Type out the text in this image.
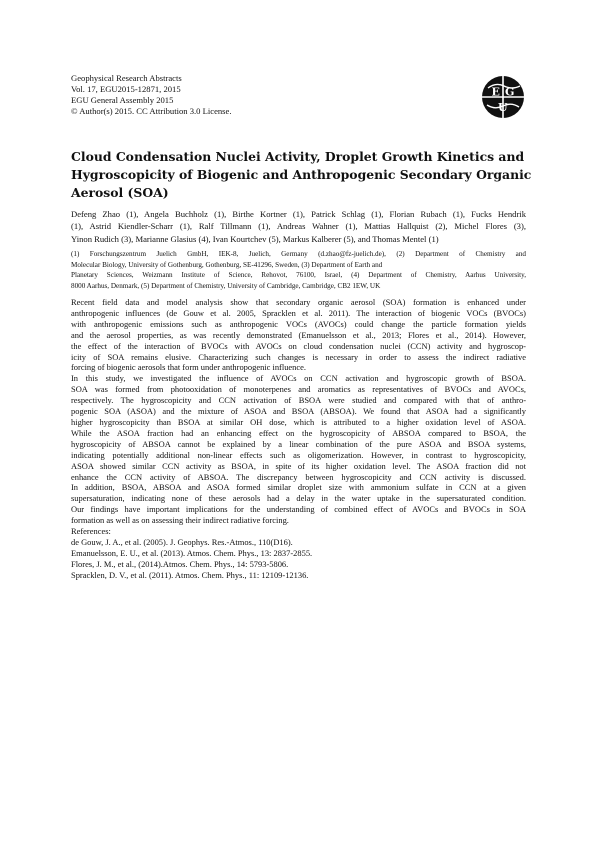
Geophysical Research Abstracts
Vol. 17, EGU2015-12871, 2015
EGU General Assembly 2015
© Author(s) 2015. CC Attribution 3.0 License.
E G
U
Cloud Condensation Nuclei Activity, Droplet Growth Kinetics and
Hygroscopicity of Biogenic and Anthropogenic Secondary Organic
Aerosol (SOA)
Defeng Zhao (1), Angela Buchholz (1), Birthe Kortner (1), Patrick Schlag (1), Florian Rubach (1), Fucks Hendrik
(1), Astrid Kiendler-Scharr (1), Ralf Tillmann (1), Andreas Wahner (1), Mattias Hallquist (2), Michel Flores (3),
Yinon Rudich (3), Marianne Glasius (4), Ivan Kourtchev (5), Markus Kalberer (5), and Thomas Mentel (1)
(1) Forschungszentrum Juelich GmbH, IEK-8, Juelich, Germany (d.zhao@fz-juelich.de), (2) Department of Chemistry and
Molecular Biology, University of Gothenburg, Gothenburg, SE-41296, Sweden, (3) Department of Earth and
Planetary Sciences, Weizmann Institute of Science, Rehovot, 76100, Israel, (4) Department of Chemistry, Aarhus University,
8000 Aarhus, Denmark, (5) Department of Chemistry, University of Cambridge, Cambridge, CB2 1EW, UK
Recent field data and model analysis show that secondary organic aerosol (SOA) formation is enhanced under
anthropogenic influences (de Gouw et al. 2005, Spracklen et al. 2011). The interaction of biogenic VOCs (BVOCs)
with anthropogenic emissions such as anthropogenic VOCs (AVOCs) could change the particle formation yields
and the aerosol properties, as was recently demonstrated (Emanuelsson et al., 2013; Flores et al., 2014). However,
the effect of the interaction of BVOCs with AVOCs on cloud condensation nuclei (CCN) activity and hygroscop-
icity of SOA remains elusive. Characterizing such changes is necessary in order to assess the indirect radiative
forcing of biogenic aerosols that form under anthropogenic influence.
In this study, we investigated the influence of AVOCs on CCN activation and hygroscopic growth of BSOA.
SOA was formed from photooxidation of monoterpenes and aromatics as representatives of BVOCs and AVOCs,
respectively. The hygroscopicity and CCN activation of BSOA were studied and compared with that of anthro-
pogenic SOA (ASOA) and the mixture of ASOA and BSOA (ABSOA). We found that ASOA had a significantly
higher hygroscopicity than BSOA at similar OH dose, which is attributed to a higher oxidation level of ASOA.
While the ASOA fraction had an enhancing effect on the hygroscopicity of ABSOA compared to BSOA, the
hygroscopicity of ABSOA cannot be explained by a linear combination of the pure ASOA and BSOA systems,
indicating potentially additional non-linear effects such as oligomerization. However, in contrast to hygroscopicity,
ASOA showed similar CCN activity as BSOA, in spite of its higher oxidation level. The ASOA fraction did not
enhance the CCN activity of ABSOA. The discrepancy between hygroscopicity and CCN activity is discussed.
In addition, BSOA, ABSOA and ASOA formed similar droplet size with ammonium sulfate in CCN at a given
supersaturation, indicating none of these aerosols had a delay in the water uptake in the supersaturated condition.
Our findings have important implications for the understanding of combined effect of AVOCs and BVOCs in SOA
formation as well as on assessing their indirect radiative forcing.
References:
de Gouw, J. A., et al. (2005). J. Geophys. Res.-Atmos., 110(D16).
Emanuelsson, E. U., et al. (2013). Atmos. Chem. Phys., 13: 2837-2855.
Flores, J. M., et al., (2014).Atmos. Chem. Phys., 14: 5793-5806.
Spracklen, D. V., et al. (2011). Atmos. Chem. Phys., 11: 12109-12136.
